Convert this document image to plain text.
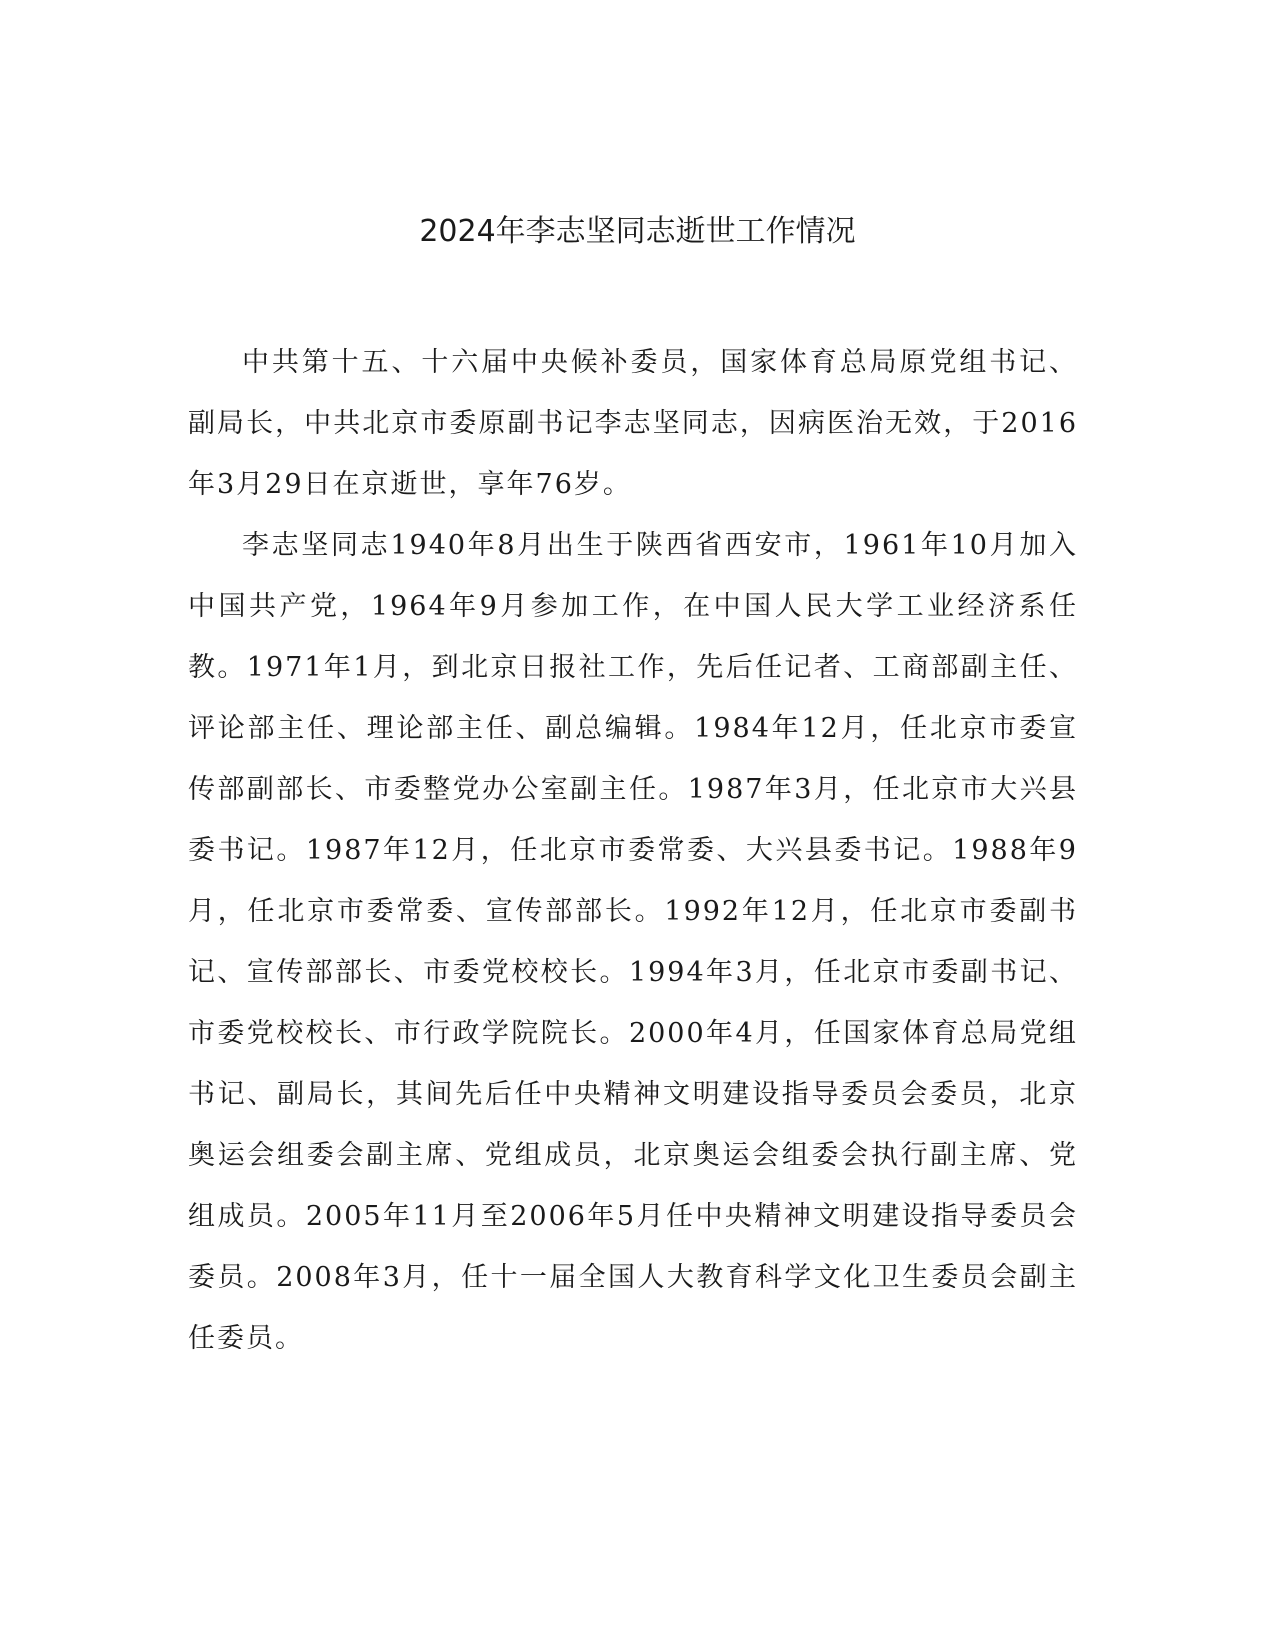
2024年李志坚同志逝世工作情况

中共第十五、十六届中央候补委员，国家体育总局原党组书记、副局长，中共北京市委原副书记李志坚同志，因病医治无效，于2016年3月29日在京逝世，享年76岁。

李志坚同志1940年8月出生于陕西省西安市，1961年10月加入中国共产党，1964年9月参加工作，在中国人民大学工业经济系任教。1971年1月，到北京日报社工作，先后任记者、工商部副主任、评论部主任、理论部主任、副总编辑。1984年12月，任北京市委宣传部副部长、市委整党办公室副主任。1987年3月，任北京市大兴县委书记。1987年12月，任北京市委常委、大兴县委书记。1988年9月，任北京市委常委、宣传部部长。1992年12月，任北京市委副书记、宣传部部长、市委党校校长。1994年3月，任北京市委副书记、市委党校校长、市行政学院院长。2000年4月，任国家体育总局党组书记、副局长，其间先后任中央精神文明建设指导委员会委员，北京奥运会组委会副主席、党组成员，北京奥运会组委会执行副主席、党组成员。2005年11月至2006年5月任中央精神文明建设指导委员会委员。2008年3月，任十一届全国人大教育科学文化卫生委员会副主任委员。
